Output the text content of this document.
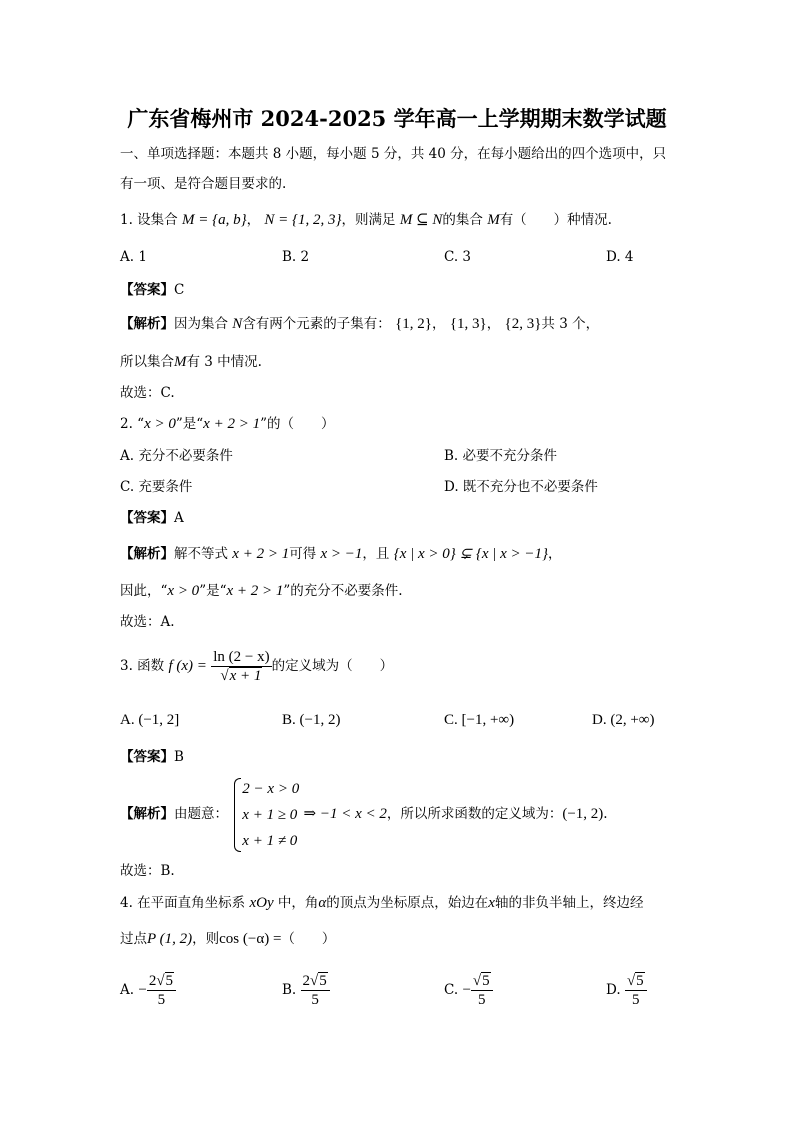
广东省梅州市 2024-2025 学年高一上学期期末数学试题
一、单项选择题：本题共 8 小题，每小题 5 分，共 40 分，在每小题给出的四个选项中，只
有一项、是符合题目要求的.
1. 设集合 M = {a, b}， N = {1, 2, 3}，则满足 M ⊆ N的集合 M有（　　）种情况.
A. 1	B. 2	C. 3	D. 4
【答案】C
【解析】因为集合 N含有两个元素的子集有： {1, 2}， {1, 3}， {2, 3}共 3 个，
所以集合M有 3 中情况.
故选：C.
2. “x > 0”是“x + 2 > 1”的（　　）
A. 充分不必要条件	B. 必要不充分条件
C. 充要条件	D. 既不充分也不必要条件
【答案】A
【解析】解不等式 x + 2 > 1可得 x > −1，且 {x | x > 0} ⊊ {x | x > −1}，
因此，“x > 0”是“x + 2 > 1”的充分不必要条件.
故选：A.
3. 函数 f $(x) = \frac{\ln (2 - x)}{√x + 1}$ 的定义域为（　　）
A. (−1, 2]	B. (−1, 2)	C. [−1, +∞)	D. (2, +∞)
【答案】B
【解析】由题意：
2 − x > 0
x + 1 ≥ 0
x + 1 ≠ 0
⇒ −1 < x < 2，所以所求函数的定义域为：(−1, 2).
故选：B.
4. 在平面直角坐标系 xOy 中，角α的顶点为坐标原点，始边在x轴的非负半轴上，终边经
过点P (1, 2)，则cos (−α) =（　　）
A. − $\frac{2√5}{5}$	B. $\frac{2√5}{5}$	C. − $\frac{√5}{5}$	D. $\frac{√5}{5}$
